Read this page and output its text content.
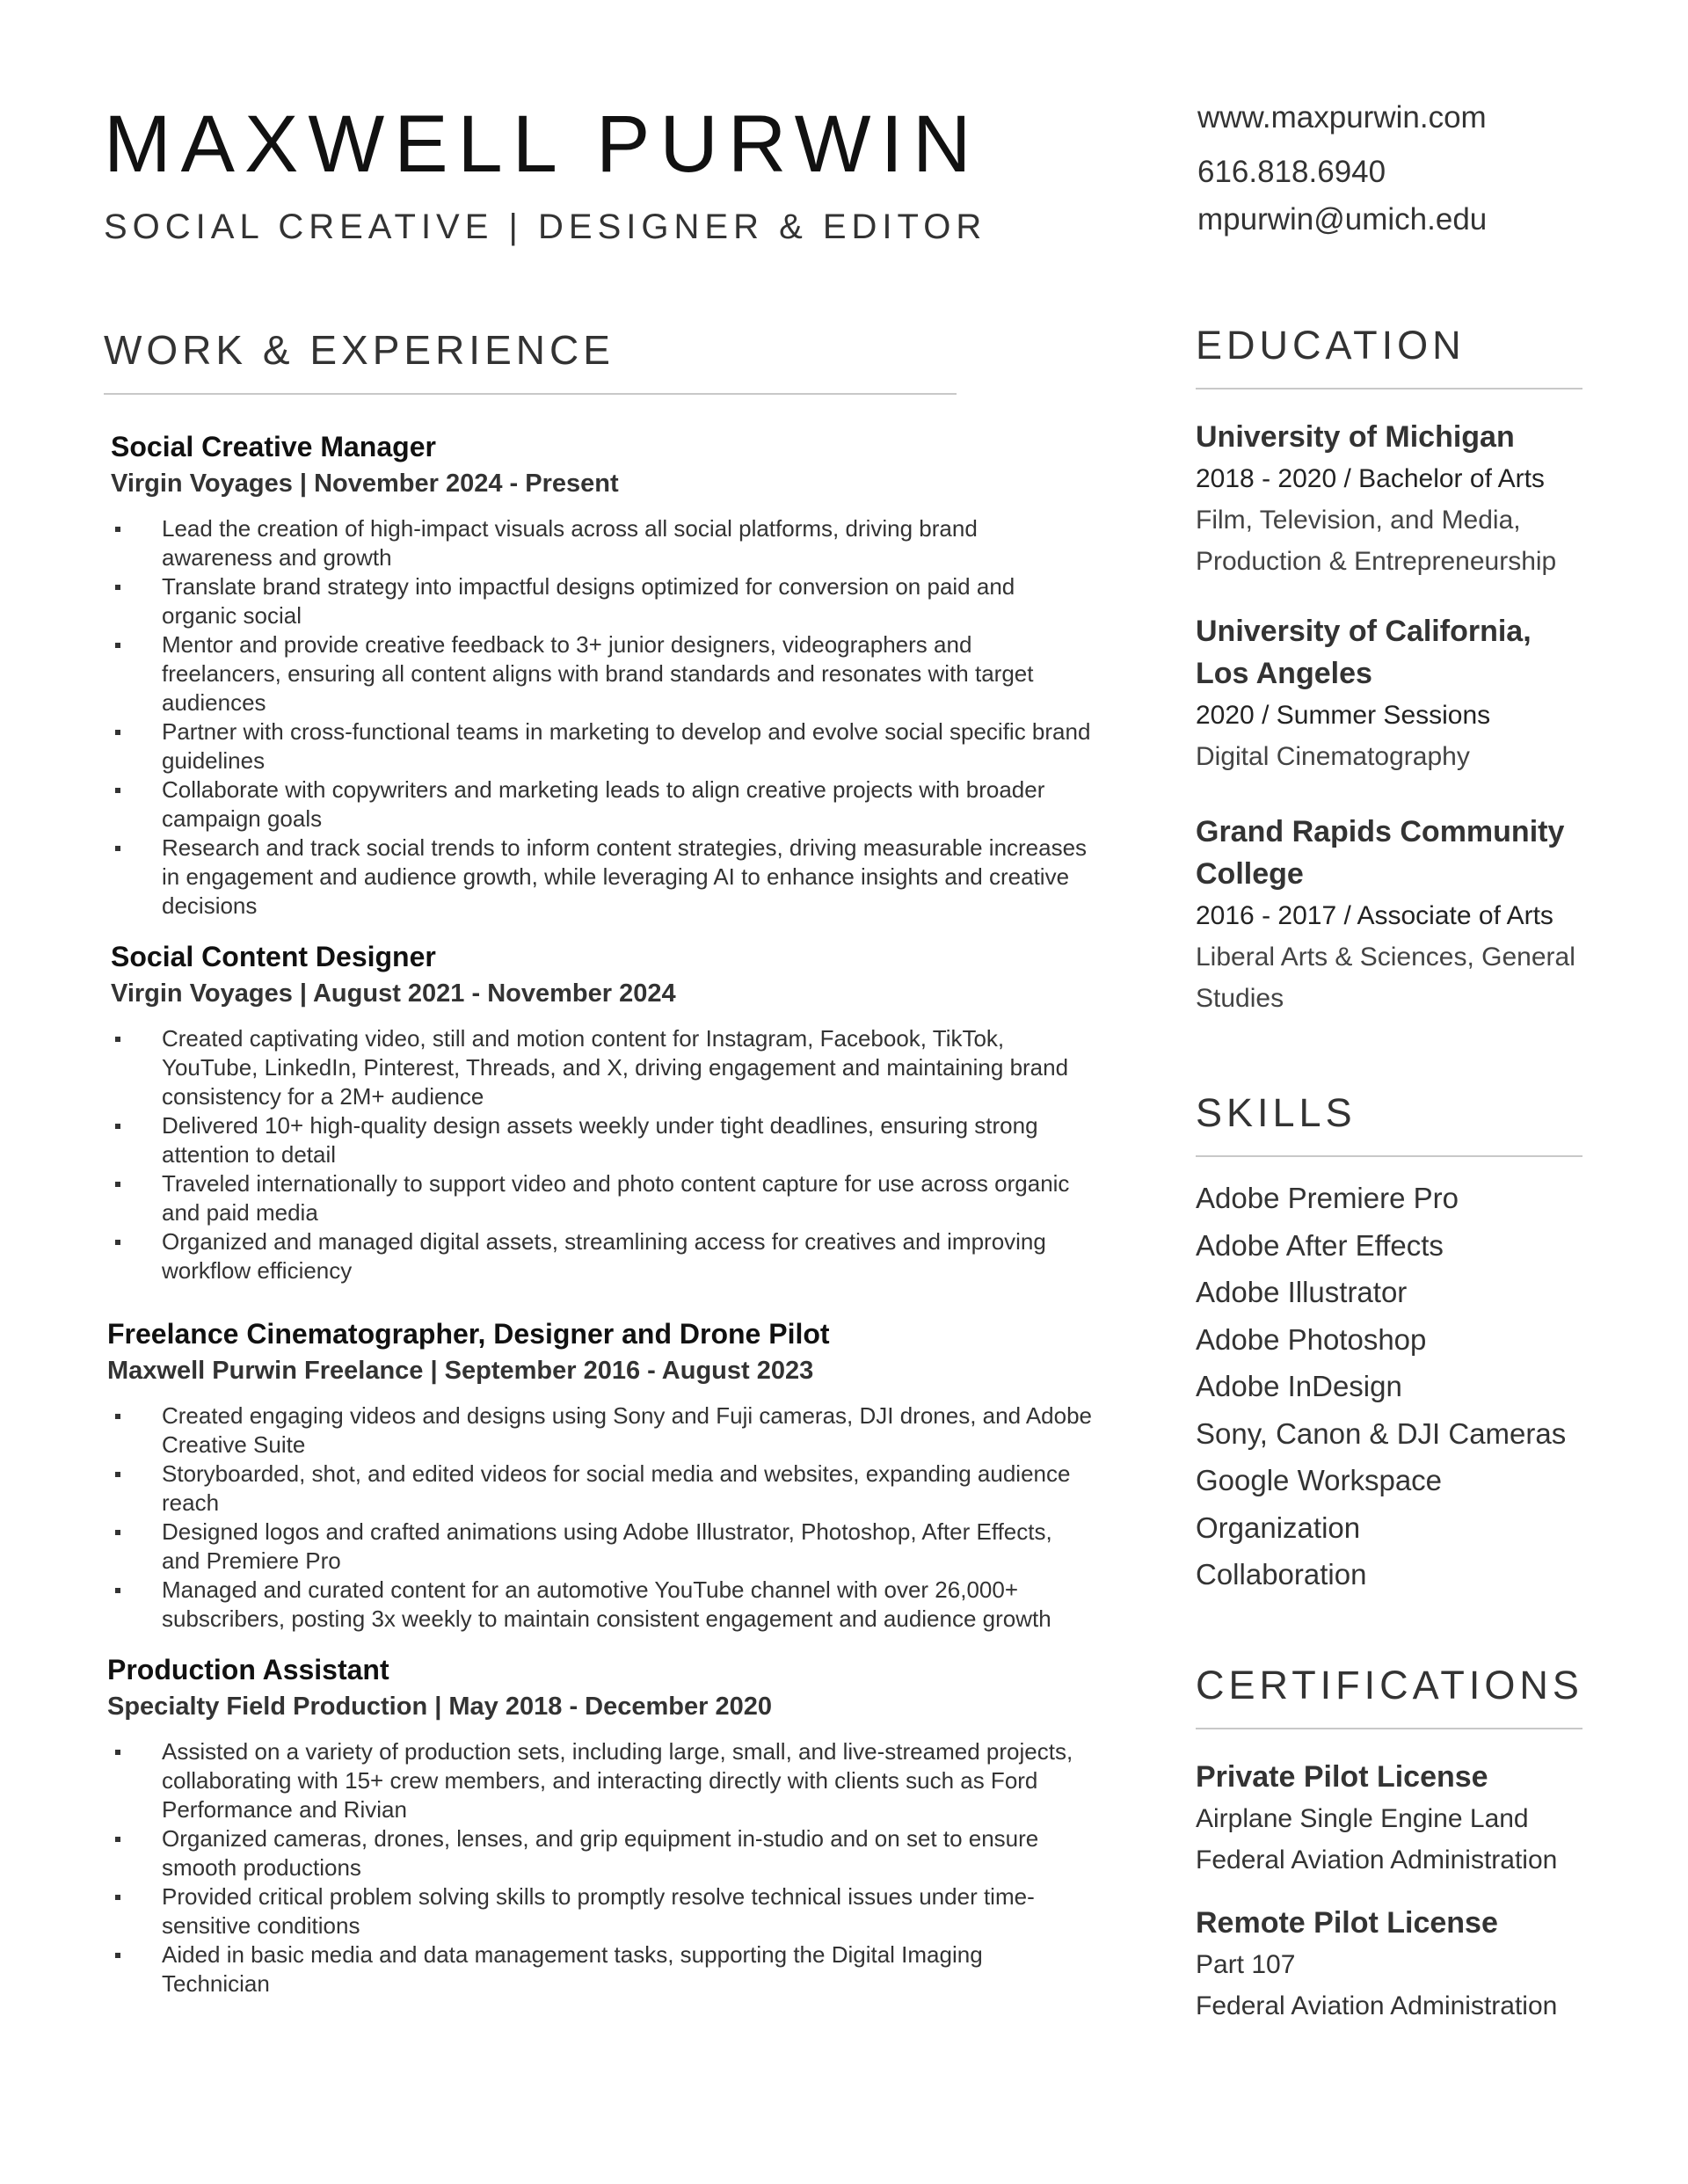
MAXWELL PURWIN
SOCIAL CREATIVE | DESIGNER & EDITOR
www.maxpurwin.com
616.818.6940
mpurwin@umich.edu
WORK & EXPERIENCE
Social Creative Manager
Virgin Voyages | November 2024 - Present
Lead the creation of high-impact visuals across all social platforms, driving brand awareness and growth
Translate brand strategy into impactful designs optimized for conversion on paid and organic social
Mentor and provide creative feedback to 3+ junior designers, videographers and freelancers, ensuring all content aligns with brand standards and resonates with target audiences
Partner with cross-functional teams in marketing to develop and evolve social specific brand guidelines
Collaborate with copywriters and marketing leads to align creative projects with broader campaign goals
Research and track social trends to inform content strategies, driving measurable increases in engagement and audience growth, while leveraging AI to enhance insights and creative decisions
Social Content Designer
Virgin Voyages | August 2021 - November 2024
Created captivating video, still and motion content for Instagram, Facebook, TikTok, YouTube, LinkedIn, Pinterest, Threads, and X, driving engagement and maintaining brand consistency for a 2M+ audience
Delivered 10+ high-quality design assets weekly under tight deadlines, ensuring strong attention to detail
Traveled internationally to support video and photo content capture for use across organic and paid media
Organized and managed digital assets, streamlining access for creatives and improving workflow efficiency
Freelance Cinematographer, Designer and Drone Pilot
Maxwell Purwin Freelance | September 2016 - August 2023
Created engaging videos and designs using Sony and Fuji cameras, DJI drones, and Adobe Creative Suite
Storyboarded, shot, and edited videos for social media and websites, expanding audience reach
Designed logos and crafted animations using Adobe Illustrator, Photoshop, After Effects, and Premiere Pro
Managed and curated content for an automotive YouTube channel with over 26,000+ subscribers, posting 3x weekly to maintain consistent engagement and audience growth
Production Assistant
Specialty Field Production | May 2018 - December 2020
Assisted on a variety of production sets, including large, small, and live-streamed projects, collaborating with 15+ crew members, and interacting directly with clients such as Ford Performance and Rivian
Organized cameras, drones, lenses, and grip equipment in-studio and on set to ensure smooth productions
Provided critical problem solving skills to promptly resolve technical issues under time-sensitive conditions
Aided in basic media and data management tasks, supporting the Digital Imaging Technician
EDUCATION
University of Michigan
2018 - 2020 / Bachelor of Arts
Film, Television, and Media,
Production & Entrepreneurship
University of California,
Los Angeles
2020 / Summer Sessions
Digital Cinematography
Grand Rapids Community
College
2016 - 2017 / Associate of Arts
Liberal Arts & Sciences, General
Studies
SKILLS
Adobe Premiere Pro
Adobe After Effects
Adobe Illustrator
Adobe Photoshop
Adobe InDesign
Sony, Canon & DJI Cameras
Google Workspace
Organization
Collaboration
CERTIFICATIONS
Private Pilot License
Airplane Single Engine Land
Federal Aviation Administration
Remote Pilot License
Part 107
Federal Aviation Administration
